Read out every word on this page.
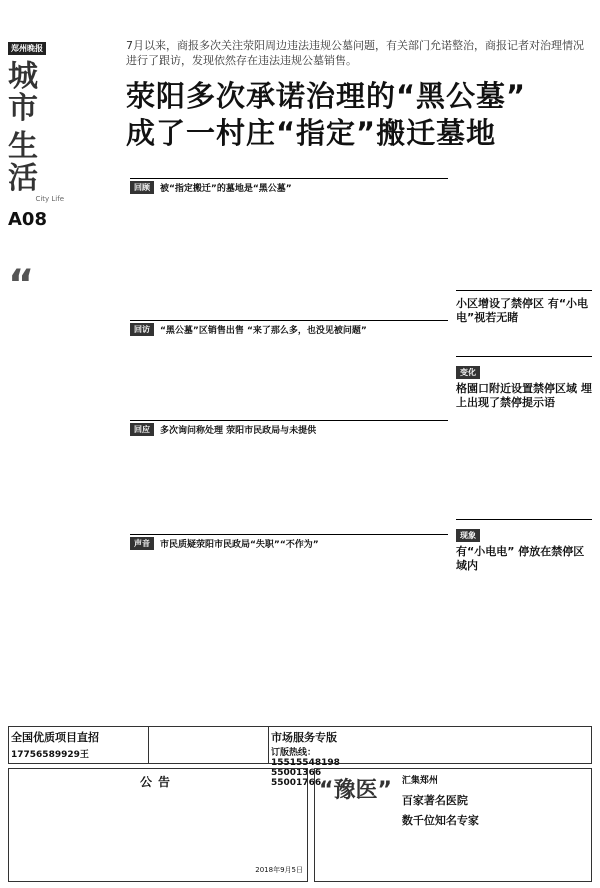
郑州晚报
城市
生活
City Life
A08
“
7月以来，商报多次关注荥阳周边违法违规公墓问题，有关部门允诺整治，商报记者对治理情况进行了跟访，发现依然存在违法违规公墓销售。
荥阳多次承诺治理的“黑公墓”
成了一村庄“指定”搬迁墓地
回顾	被“指定搬迁”的墓地是“黑公墓”
回访	“黑公墓”区销售出售 “来了那么多，也没见被问题”
回应	多次询问称处理 荥阳市民政局与未提供
声音	市民质疑荥阳市民政局“失职”“不作为”
小区增设了禁停区 有“小电电”视若无睹
变化
格園口附近设置禁停区域 埋上出现了禁停提示语
现象
有“小电电” 停放在禁停区域内
全国优质项目直招
17756589929王
市场服务专版
订版热线：
15515548198
55001366
55001766
公告
2018年9月5日
“豫医” 汇集郑州
百家著名医院
数千位知名专家
